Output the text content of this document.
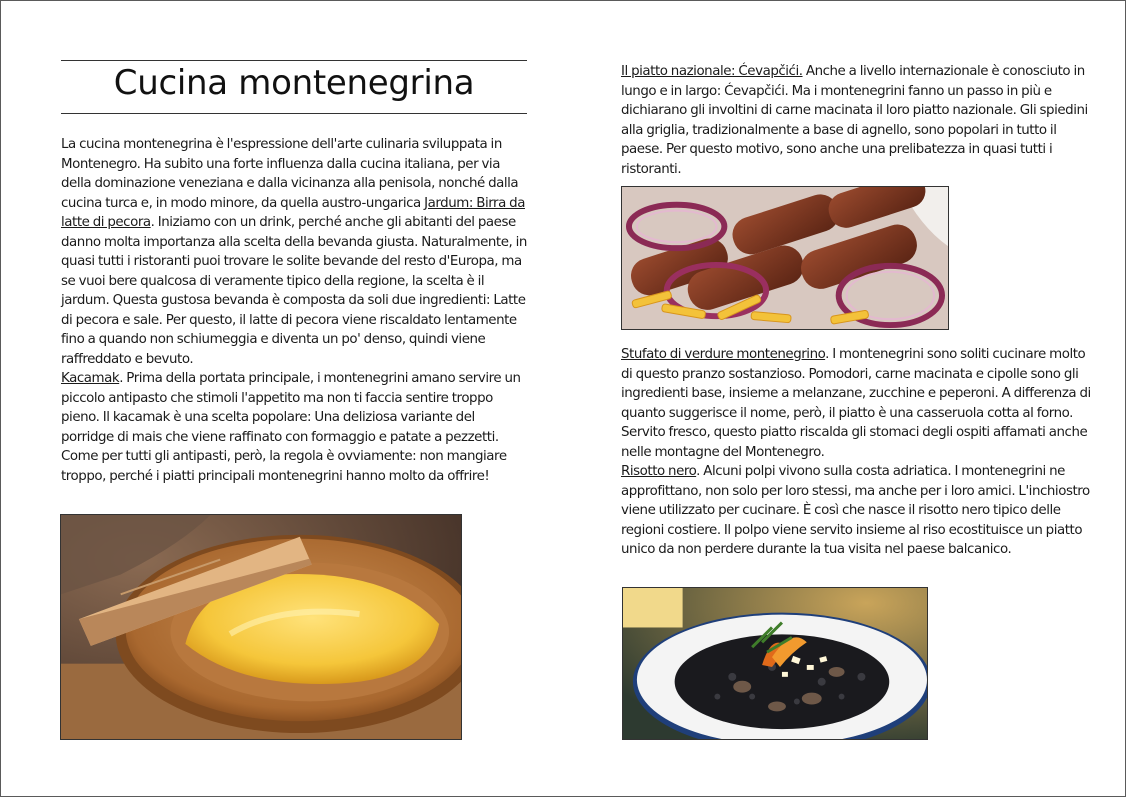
Cucina montenegrina

La cucina montenegrina è l'espressione dell'arte culinaria sviluppata in Montenegro. Ha subito una forte influenza dalla cucina italiana, per via della dominazione veneziana e dalla vicinanza alla penisola, nonché dalla cucina turca e, in modo minore, da quella austro-ungarica Jardum: Birra da latte di pecora. Iniziamo con un drink, perché anche gli abitanti del paese danno molta importanza alla scelta della bevanda giusta. Naturalmente, in quasi tutti i ristoranti puoi trovare le solite bevande del resto d'Europa, ma se vuoi bere qualcosa di veramente tipico della regione, la scelta è il jardum. Questa gustosa bevanda è composta da soli due ingredienti: Latte di pecora e sale. Per questo, il latte di pecora viene riscaldato lentamente fino a quando non schiumeggia e diventa un po' denso, quindi viene raffreddato e bevuto.

Kacamak. Prima della portata principale, i montenegrini amano servire un piccolo antipasto che stimoli l'appetito ma non ti faccia sentire troppo pieno. Il kacamak è una scelta popolare: Una deliziosa variante del porridge di mais che viene raffinato con formaggio e patate a pezzetti. Come per tutti gli antipasti, però, la regola è ovviamente: non mangiare troppo, perché i piatti principali montenegrini hanno molto da offrire!

Il piatto nazionale: Ćevapčići. Anche a livello internazionale è conosciuto in lungo e in largo: Ćevapčići. Ma i montenegrini fanno un passo in più e dichiarano gli involtini di carne macinata il loro piatto nazionale. Gli spiedini alla griglia, tradizionalmente a base di agnello, sono popolari in tutto il paese. Per questo motivo, sono anche una prelibatezza in quasi tutti i ristoranti.

Stufato di verdure montenegrino. I montenegrini sono soliti cucinare molto di questo pranzo sostanzioso. Pomodori, carne macinata e cipolle sono gli ingredienti base, insieme a melanzane, zucchine e peperoni. A differenza di quanto suggerisce il nome, però, il piatto è una casseruola cotta al forno. Servito fresco, questo piatto riscalda gli stomaci degli ospiti affamati anche nelle montagne del Montenegro.

Risotto nero. Alcuni polpi vivono sulla costa adriatica. I montenegrini ne approfittano, non solo per loro stessi, ma anche per i loro amici. L'inchiostro viene utilizzato per cucinare. È così che nasce il risotto nero tipico delle regioni costiere. Il polpo viene servito insieme al riso ecostituisce un piatto unico da non perdere durante la tua visita nel paese balcanico.
